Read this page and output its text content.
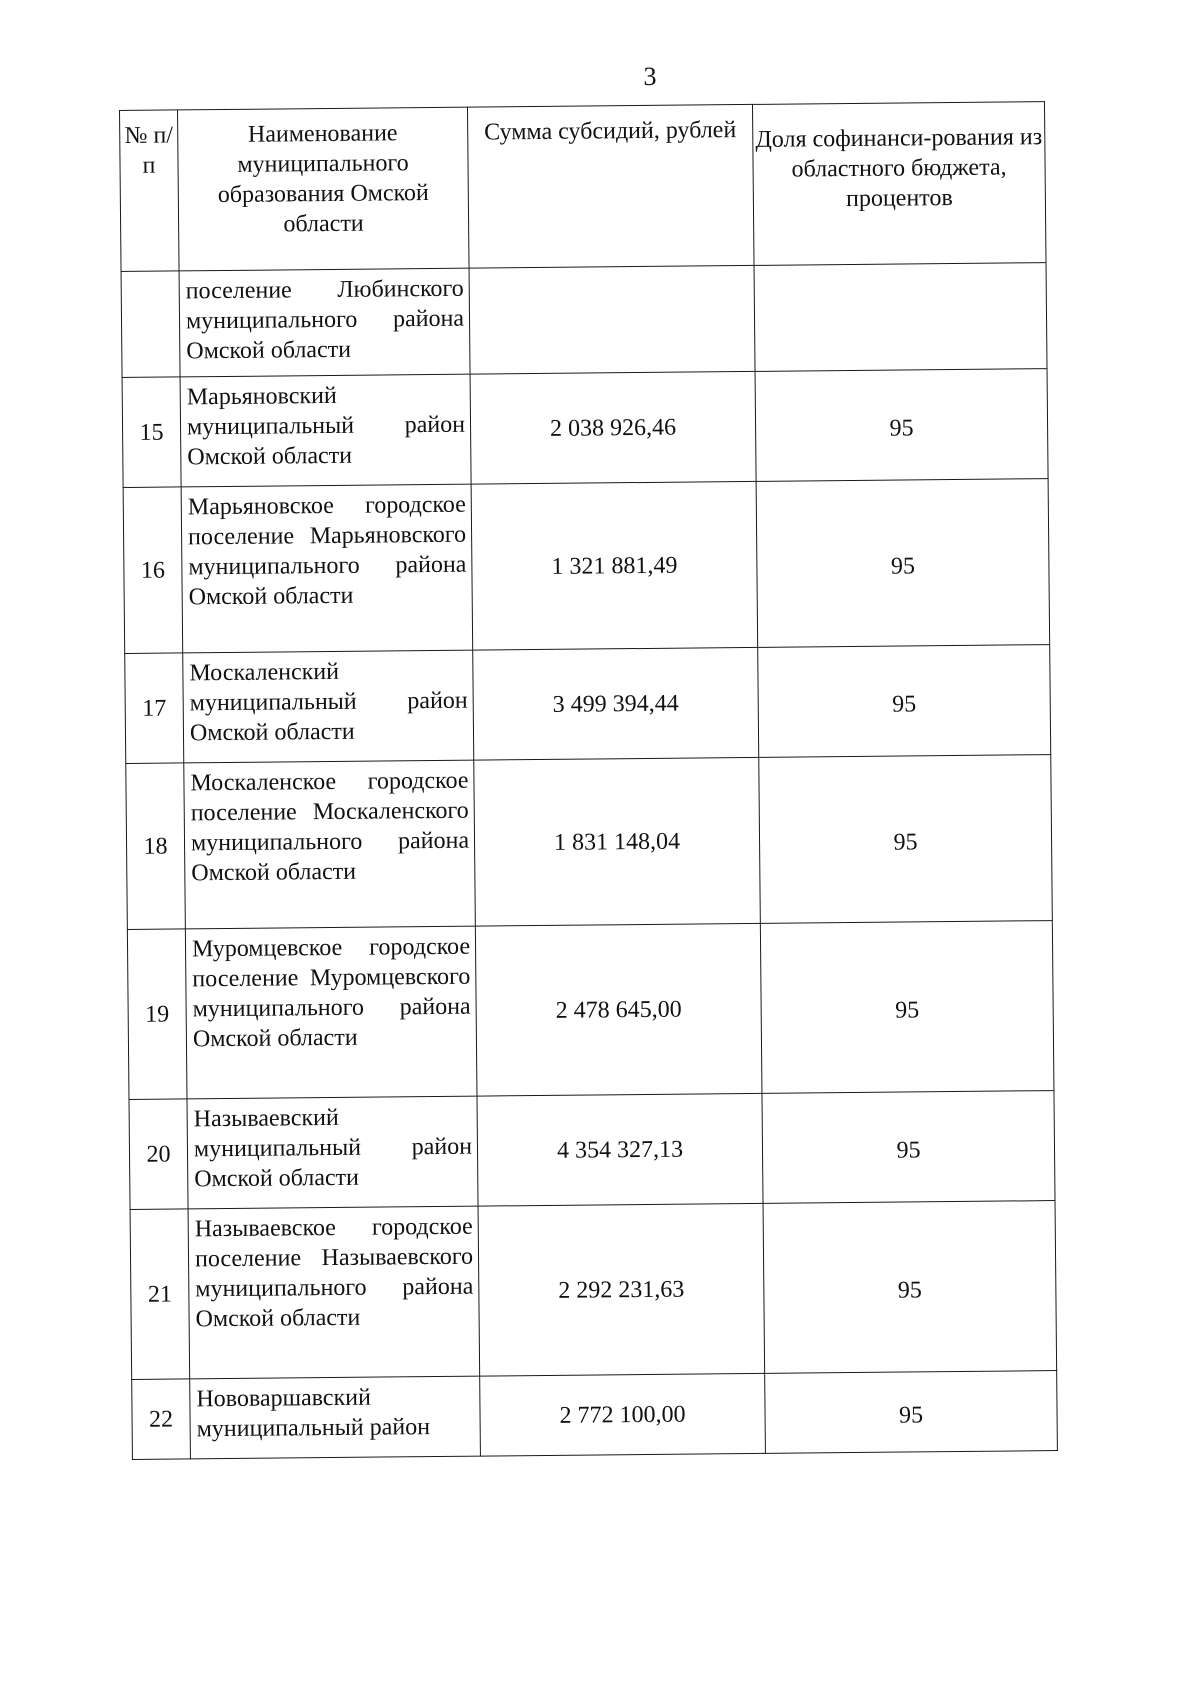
3
№ п/п	Наименование муниципального образования Омской области	Сумма субсидий, рублей	Доля софинанси-рования из областного бюджета, процентов
	поселение Любинского муниципального района Омской области		
15	Марьяновский муниципальный район Омской области	2 038 926,46	95
16	Марьяновское городское поселение Марьяновского муниципального района Омской области	1 321 881,49	95
17	Москаленский муниципальный район Омской области	3 499 394,44	95
18	Москаленское городское поселение Москаленского муниципального района Омской области	1 831 148,04	95
19	Муромцевское городское поселение Муромцевского муниципального района Омской области	2 478 645,00	95
20	Называевский муниципальный район Омской области	4 354 327,13	95
21	Называевское городское поселение Называевского муниципального района Омской области	2 292 231,63	95
22	Нововаршавский муниципальный район	2 772 100,00	95
